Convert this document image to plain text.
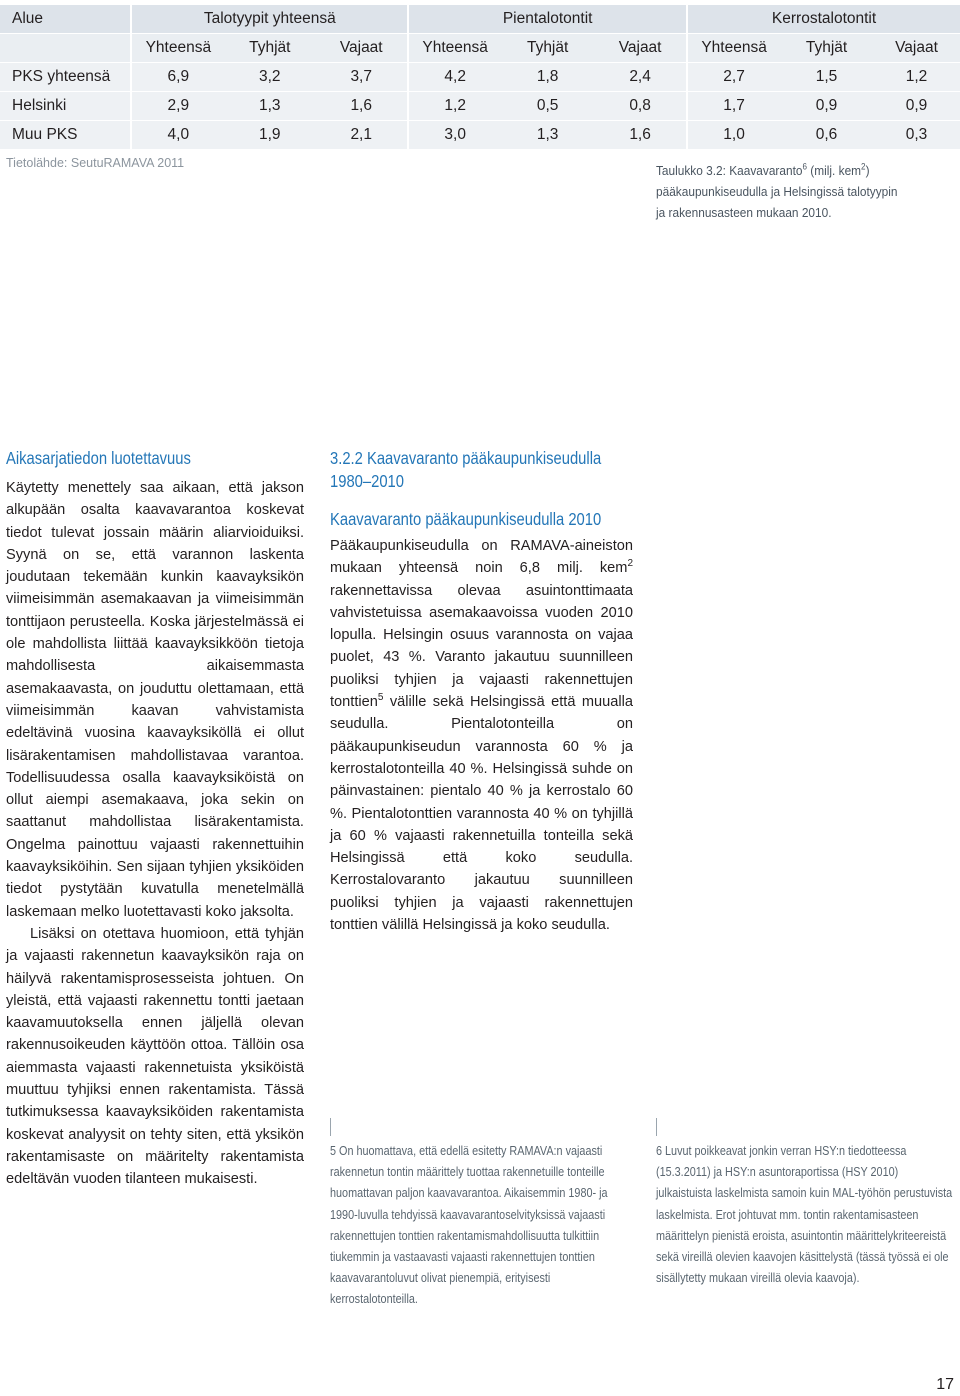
Alue	Talotyypit yhteensä			Pientalotontit			Kerrostalotontit		
	Yhteensä	Tyhjät	Vajaat	Yhteensä	Tyhjät	Vajaat	Yhteensä	Tyhjät	Vajaat
PKS yhteensä	6,9	3,2	3,7	4,2	1,8	2,4	2,7	1,5	1,2
Helsinki	2,9	1,3	1,6	1,2	0,5	0,8	1,7	0,9	0,9
Muu PKS	4,0	1,9	2,1	3,0	1,3	1,6	1,0	0,6	0,3
Tietolähde: SeutuRAMAVA 2011	Taulukko 3.2: Kaavavaranto$^6$ (milj. kem$^2$)
pääkaupunkiseudulla ja Helsingissä talotyypin
ja rakennusasteen mukaan 2010.
Aikasarjatiedon luotettavuus

Käytetty menettely saa aikaan, että jakson alkupään osalta kaavavarantoa koskevat tiedot tulevat jossain määrin aliarvioiduiksi. Syynä on se, että varannon laskenta joudutaan tekemään kunkin kaavayksikön viimeisimmän asemakaavan ja viimeisimmän tonttijaon perusteella. Koska järjestelmässä ei ole mahdollista liittää kaavayksikköön tietoja mahdollisesta aikaisemmasta asemakaavasta, on jouduttu olettamaan, että viimeisimmän kaavan vahvistamista edeltävinä vuosina kaavayksiköllä ei ollut lisärakentamisen mahdollistavaa varantoa. Todellisuudessa osalla kaavayksiköistä on ollut aiempi asemakaava, joka sekin on saattanut mahdollistaa lisärakentamista. Ongelma painottuu vajaasti rakennettuihin kaavayksiköihin. Sen sijaan tyhjien yksiköiden tiedot pystytään kuvatulla menetelmällä laskemaan melko luotettavasti koko jaksolta.
Lisäksi on otettava huomioon, että tyhjän ja vajaasti rakennetun kaavayksikön raja on häilyvä rakentamisprosesseista johtuen. On yleistä, että vajaasti rakennettu tontti jaetaan kaavamuutoksella ennen jäljellä olevan rakennusoikeuden käyttöön ottoa. Tällöin osa aiemmasta vajaasti rakennetuista yksiköistä muuttuu tyhjiksi ennen rakentamista. Tässä tutkimuksessa kaavayksiköiden rakentamista koskevat analyysit on tehty siten, että yksikön rakentamisaste on määritelty rakentamista edeltävän vuoden tilanteen mukaisesti.

3.2.2 Kaavavaranto pääkaupunkiseudulla 1980–2010
Kaavavaranto pääkaupunkiseudulla 2010

Pääkaupunkiseudulla on RAMAVA-aineiston mukaan yhteensä noin 6,8 milj. kem$^2$ rakennettavissa olevaa asuintonttimaata vahvistetuissa asemakaavoissa vuoden 2010 lopulla. Helsingin osuus varannosta on vajaa puolet, 43 %. Varanto jakautuu suunnilleen puoliksi tyhjien ja vajaasti rakennettujen tonttien$^5$ välille sekä Helsingissä että muualla seudulla. Pientalotonteilla on pääkaupunkiseudun varannosta 60 % ja kerrostalotonteilla 40 %. Helsingissä suhde on päinvastainen: pientalo 40 % ja kerrostalo 60 %. Pientalotonttien varannosta 40 % on tyhjillä ja 60 % vajaasti rakennetuilla tonteilla sekä Helsingissä että koko seudulla. Kerrostalovaranto jakautuu suunnilleen puoliksi tyhjien ja vajaasti rakennettujen tonttien välillä Helsingissä ja koko seudulla.

5 On huomattava, että edellä esitetty RAMAVA:n vajaasti rakennetun tontin määrittely tuottaa rakennetuille tonteille huomattavan paljon kaavavarantoa. Aikaisemmin 1980- ja 1990-luvulla tehdyissä kaavavarantoselvityksissä vajaasti rakennettujen tonttien rakentamismahdollisuutta tulkittiin tiukemmin ja vastaavasti vajaasti rakennettujen tonttien kaavavarantoluvut olivat pienempiä, erityisesti kerrostalotonteilla.
6 Luvut poikkeavat jonkin verran HSY:n tiedotteessa (15.3.2011) ja HSY:n asuntoraportissa (HSY 2010) julkaistuista laskelmista samoin kuin MAL-työhön perustuvista laskelmista. Erot johtuvat mm. tontin rakentamisasteen määrittelyn pienistä eroista, asuintontin määrittelykriteereistä sekä vireillä olevien kaavojen käsittelystä (tässä työssä ei ole sisällytetty mukaan vireillä olevia kaavoja).
17
